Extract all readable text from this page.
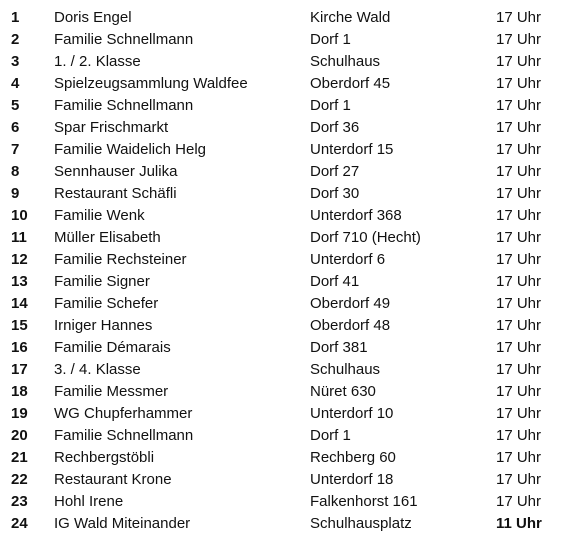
1 Doris Engel	Kirche Wald	17 Uhr
2 Familie Schnellmann	Dorf 1	17 Uhr
3 1. / 2. Klasse	Schulhaus	17 Uhr
4 Spielzeugsammlung Waldfee	Oberdorf 45	17 Uhr
5 Familie Schnellmann	Dorf 1	17 Uhr
6 Spar Frischmarkt	Dorf 36	17 Uhr
7 Familie Waidelich Helg	Unterdorf 15	17 Uhr
8 Sennhauser Julika	Dorf 27	17 Uhr
9 Restaurant Schäfli	Dorf 30	17 Uhr
10 Familie Wenk	Unterdorf 368	17 Uhr
11 Müller Elisabeth	Dorf 710 (Hecht)	17 Uhr
12 Familie Rechsteiner	Unterdorf 6	17 Uhr
13 Familie Signer	Dorf 41	17 Uhr
14 Familie Schefer	Oberdorf 49	17 Uhr
15 Irniger Hannes	Oberdorf 48	17 Uhr
16 Familie Démarais	Dorf 381	17 Uhr
17 3. / 4. Klasse	Schulhaus	17 Uhr
18 Familie Messmer	Nüret 630	17 Uhr
19 WG Chupferhammer	Unterdorf 10	17 Uhr
20 Familie Schnellmann	Dorf 1	17 Uhr
21 Rechbergstöbli	Rechberg 60	17 Uhr
22 Restaurant Krone	Unterdorf 18	17 Uhr
23 Hohl Irene	Falkenhorst 161	17 Uhr
24 IG Wald Miteinander	Schulhausplatz	11 Uhr
